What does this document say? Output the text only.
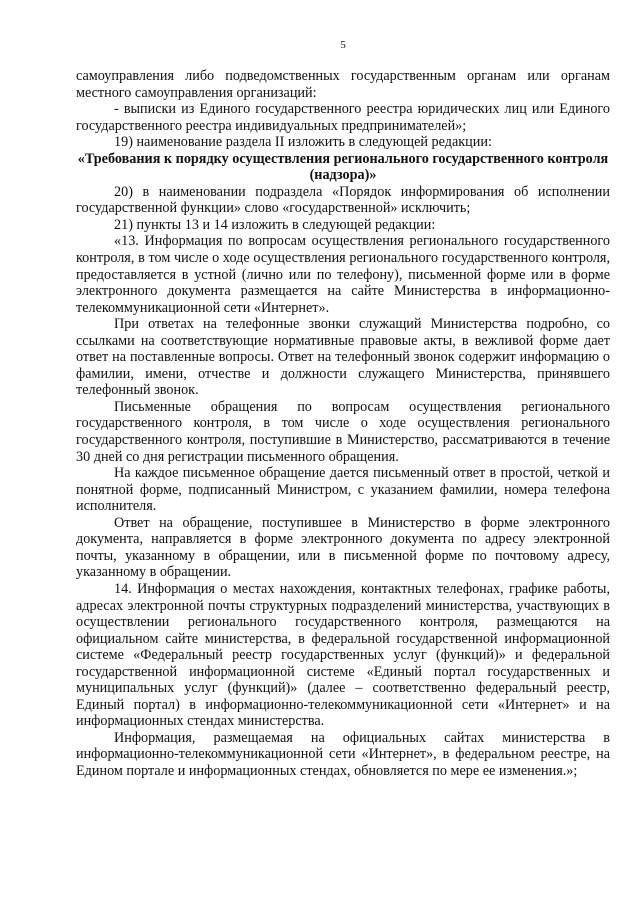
5

самоуправления либо подведомственных государственным органам или органам местного самоуправления организаций:

- выписки из Единого государственного реестра юридических лиц или Единого государственного реестра индивидуальных предпринимателей»;

19) наименование раздела II изложить в следующей редакции:

«Требования к порядку осуществления регионального государственного контроля (надзора)»

20) в наименовании подраздела «Порядок информирования об исполнении государственной функции» слово «государственной» исключить;

21) пункты 13 и 14 изложить в следующей редакции:

«13. Информация по вопросам осуществления регионального государственного контроля, в том числе о ходе осуществления регионального государственного контроля, предоставляется в устной (лично или по телефону), письменной форме или в форме электронного документа размещается на сайте Министерства в информационно-телекоммуникационной сети «Интернет».

При ответах на телефонные звонки служащий Министерства подробно, со ссылками на соответствующие нормативные правовые акты, в вежливой форме дает ответ на поставленные вопросы. Ответ на телефонный звонок содержит информацию о фамилии, имени, отчестве и должности служащего Министерства, принявшего телефонный звонок.

Письменные обращения по вопросам осуществления регионального государственного контроля, в том числе о ходе осуществления регионального государственного контроля, поступившие в Министерство, рассматриваются в течение 30 дней со дня регистрации письменного обращения.

На каждое письменное обращение дается письменный ответ в простой, четкой и понятной форме, подписанный Министром, с указанием фамилии, номера телефона исполнителя.

Ответ на обращение, поступившее в Министерство в форме электронного документа, направляется в форме электронного документа по адресу электронной почты, указанному в обращении, или в письменной форме по почтовому адресу, указанному в обращении.

14. Информация о местах нахождения, контактных телефонах, графике работы, адресах электронной почты структурных подразделений министерства, участвующих в осуществлении регионального государственного контроля, размещаются на официальном сайте министерства, в федеральной государственной информационной системе «Федеральный реестр государственных услуг (функций)» и федеральной государственной информационной системе «Единый портал государственных и муниципальных услуг (функций)» (далее – соответственно федеральный реестр, Единый портал) в информационно-телекоммуникационной сети «Интернет» и на информационных стендах министерства.

Информация, размещаемая на официальных сайтах министерства в информационно-телекоммуникационной сети «Интернет», в федеральном реестре, на Едином портале и информационных стендах, обновляется по мере ее изменения.»;
